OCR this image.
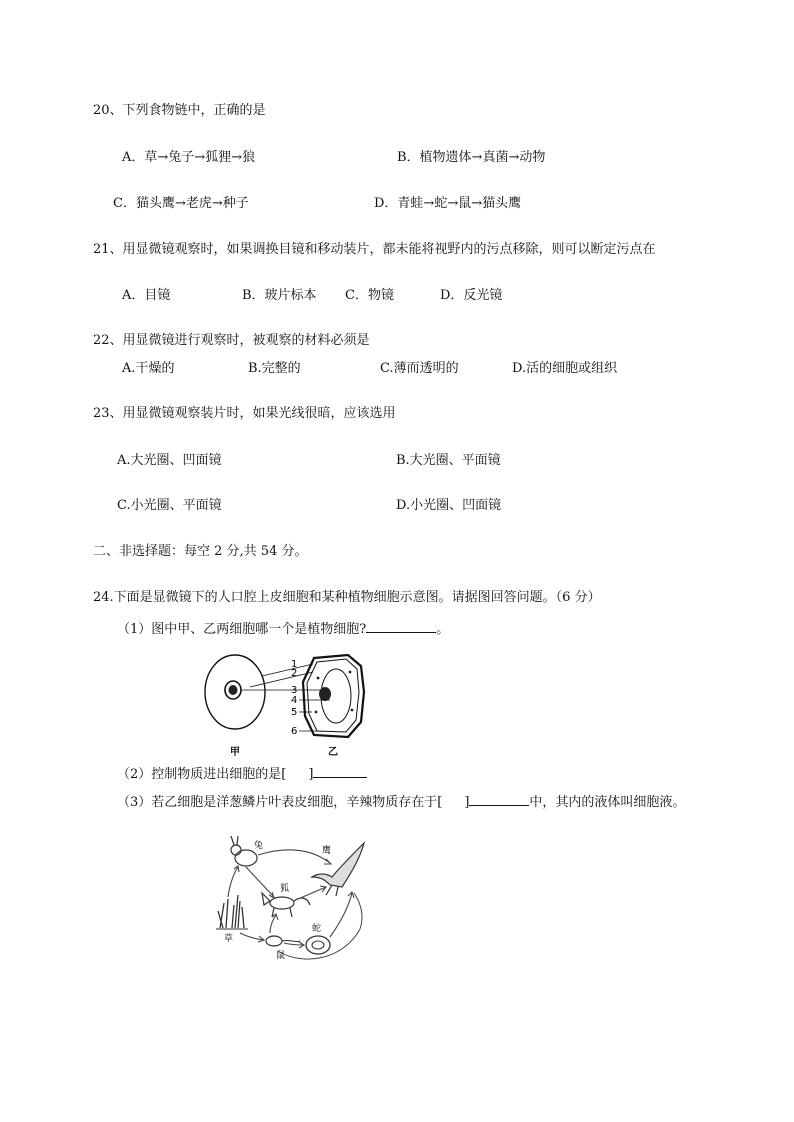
20、下列食物链中，正确的是
A．草→兔子→狐狸→狼	B．植物遗体→真菌→动物
C．猫头鹰→老虎→种子	D．青蛙→蛇→鼠→猫头鹰
21、用显微镜观察时，如果调换目镜和移动装片，都未能将视野内的污点移除，则可以断定污点在
A．目镜	B．玻片标本 C．物镜	D．反光镜
22、用显微镜进行观察时，被观察的材料必须是
A.干燥的	B.完整的	C.薄而透明的	D.活的细胞或组织
23、用显微镜观察装片时，如果光线很暗，应该选用
A.大光圈、凹面镜	B.大光圈、平面镜
C.小光圈、平面镜	D.小光圈、凹面镜
二、非选择题：每空 2 分,共 54 分。
24.下面是显微镜下的人口腔上皮细胞和某种植物细胞示意图。请据图回答问题。（6 分）
（1）图中甲、乙两细胞哪一个是植物细胞?	。
1
2
3
4
5
6
甲	乙
（2）控制物质进出细胞的是[ ]
（3）若乙细胞是洋葱鳞片叶表皮细胞，辛辣物质存在于[ ]	中，其内的液体叫细胞液。
兔	鹰
狐
草
蛇
鼠
